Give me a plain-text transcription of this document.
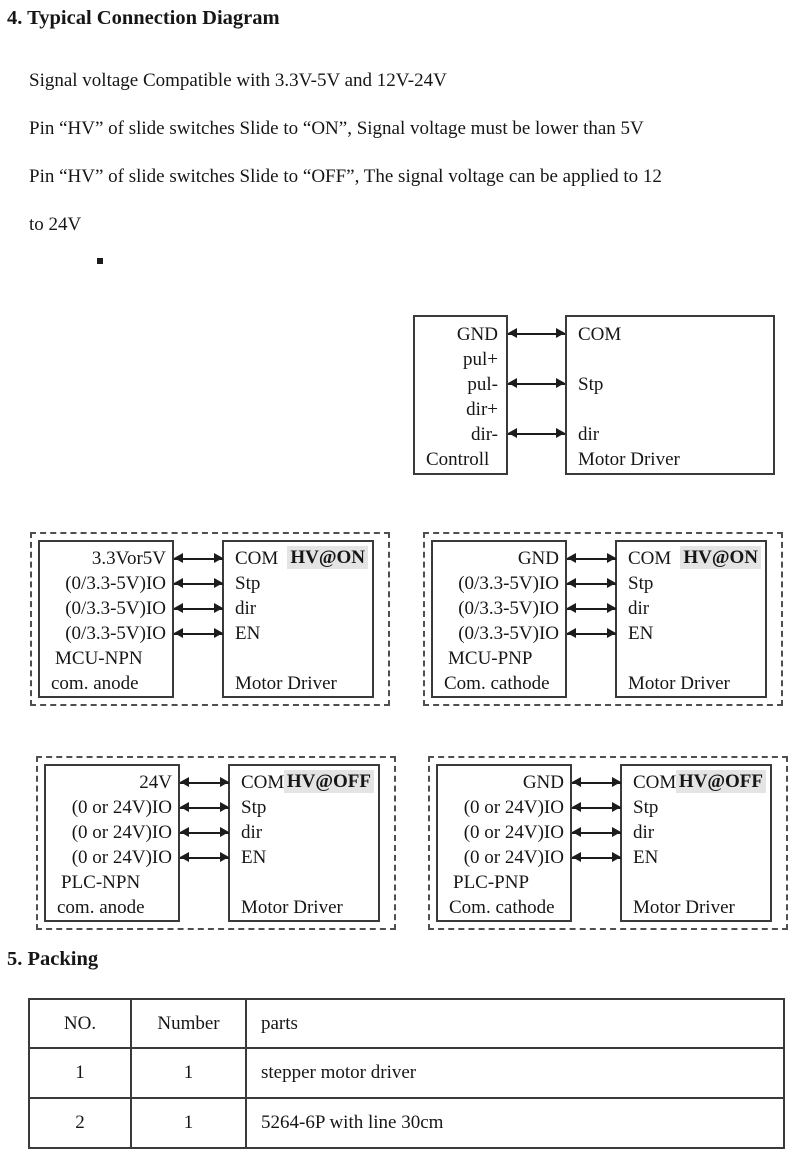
4. Typical Connection Diagram
Signal voltage Compatible with 3.3V-5V and 12V-24V
Pin “HV” of slide switches Slide to “ON”, Signal voltage must be lower than 5V
Pin “HV” of slide switches Slide to “OFF”, The signal voltage can be applied to 12
to 24V
GND
pul+
pul-
dir+
dir-
Controll
COM
Stp
dir
Motor Driver
3.3Vor5V
(0/3.3-5V)IO
(0/3.3-5V)IO
(0/3.3-5V)IO
MCU-NPN
com. anode
COM
Stp
dir
EN
Motor Driver
HV@ON	GND
(0/3.3-5V)IO
(0/3.3-5V)IO
(0/3.3-5V)IO
MCU-PNP
Com. cathode
COM
Stp
dir
EN
Motor Driver
HV@ON
24V
(0 or 24V)IO
(0 or 24V)IO
(0 or 24V)IO
PLC-NPN
com. anode
COM
Stp
dir
EN
Motor Driver
HV@OFF	GND
(0 or 24V)IO
(0 or 24V)IO
(0 or 24V)IO
PLC-PNP
Com. cathode
COM
Stp
dir
EN
Motor Driver
HV@OFF
5. Packing
NO.	Number	parts
1	1	stepper motor driver
2	1	5264-6P with line 30cm
